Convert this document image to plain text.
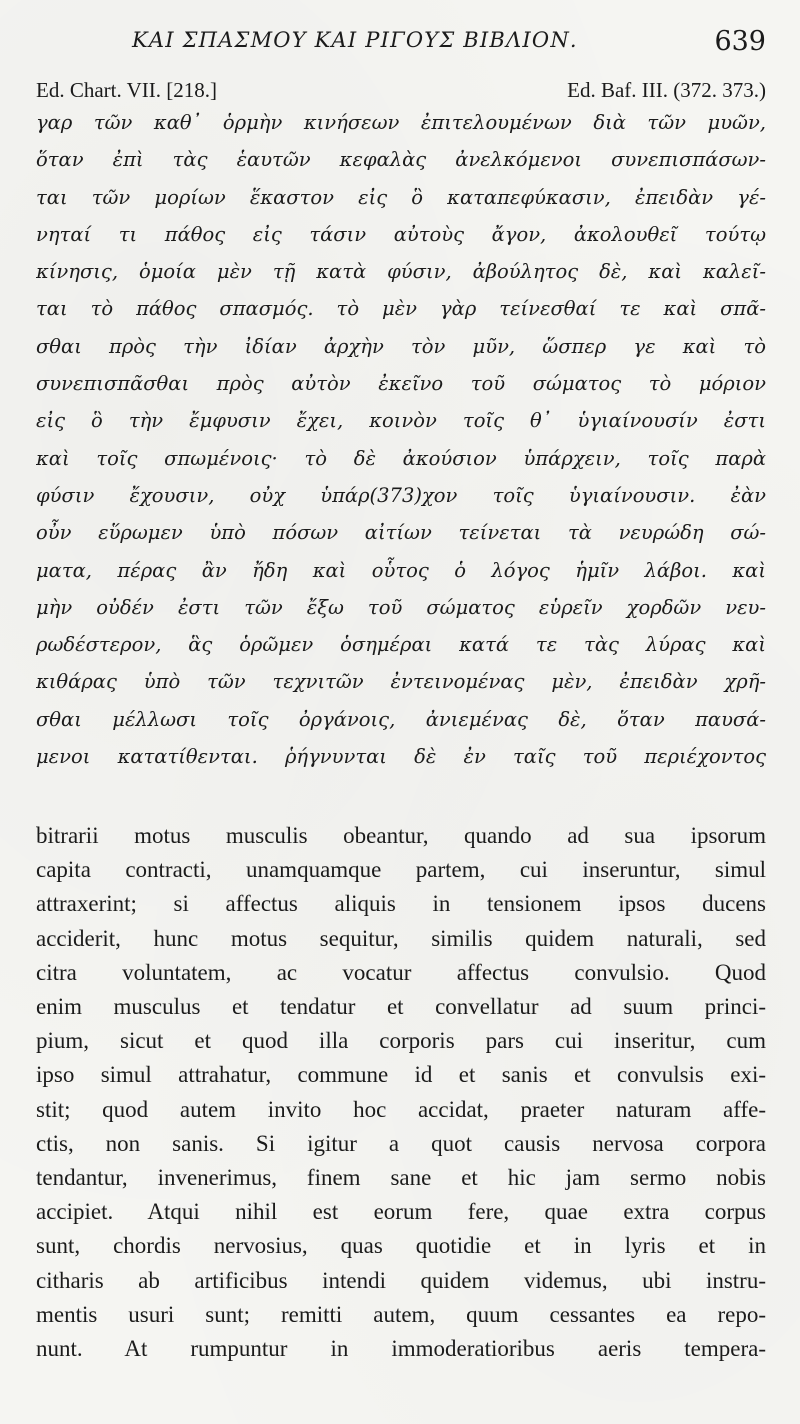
ΚΑΙ ΣΠΑΣΜΟΥ ΚΑΙ ΡΙΓΟΥΣ ΒΙΒΛΙΟΝ.	639
Ed. Chart. VII. [218.]	Ed. Baf. III. (372. 373.)
γαρ τῶν καθ᾽ ὁρμὴν κινήσεων ἐπιτελουμένων διὰ τῶν μυῶν,
ὅταν ἐπὶ τὰς ἑαυτῶν κεφαλὰς ἀνελκόμενοι συνεπισπάσων-
ται τῶν μορίων ἕκαστον εἰς ὃ καταπεφύκασιν, ἐπειδὰν γέ-
νηταί τι πάθος εἰς τάσιν αὐτοὺς ἄγον, ἀκολουθεῖ τούτῳ
κίνησις, ὁμοία μὲν τῇ κατὰ φύσιν, ἀβούλητος δὲ, καὶ καλεῖ-
ται τὸ πάθος σπασμός. τὸ μὲν γὰρ τείνεσθαί τε καὶ σπᾶ-
σθαι πρὸς τὴν ἰδίαν ἀρχὴν τὸν μῦν, ὥσπερ γε καὶ τὸ
συνεπισπᾶσθαι πρὸς αὐτὸν ἐκεῖνο τοῦ σώματος τὸ μόριον
εἰς ὃ τὴν ἔμφυσιν ἔχει, κοινὸν τοῖς θ᾽ ὑγιαίνουσίν ἐστι
καὶ τοῖς σπωμένοις· τὸ δὲ ἀκούσιον ὑπάρχειν, τοῖς παρὰ
φύσιν ἔχουσιν, οὐχ ὑπάρ(373)χον τοῖς ὑγιαίνουσιν. ἐὰν
οὖν εὕρωμεν ὑπὸ πόσων αἰτίων τείνεται τὰ νευρώδη σώ-
ματα, πέρας ἂν ἤδη καὶ οὗτος ὁ λόγος ἡμῖν λάβοι. καὶ
μὴν οὐδέν ἐστι τῶν ἔξω τοῦ σώματος εὑρεῖν χορδῶν νευ-
ρωδέστερον, ἃς ὁρῶμεν ὁσημέραι κατά τε τὰς λύρας καὶ
κιθάρας ὑπὸ τῶν τεχνιτῶν ἐντεινομένας μὲν, ἐπειδὰν χρῆ-
σθαι μέλλωσι τοῖς ὀργάνοις, ἀνιεμένας δὲ, ὅταν παυσά-
μενοι κατατίθενται. ῥήγνυνται δὲ ἐν ταῖς τοῦ περιέχοντος
bitrarii motus musculis obeantur, quando ad sua ipsorum
capita contracti, unamquamque partem, cui inseruntur, simul
attraxerint; si affectus aliquis in tensionem ipsos ducens
acciderit, hunc motus sequitur, similis quidem naturali, sed
citra voluntatem, ac vocatur affectus convulsio. Quod
enim musculus et tendatur et convellatur ad suum princi-
pium, sicut et quod illa corporis pars cui inseritur, cum
ipso simul attrahatur, commune id et sanis et convulsis exi-
stit; quod autem invito hoc accidat, praeter naturam affe-
ctis, non sanis. Si igitur a quot causis nervosa corpora
tendantur, invenerimus, finem sane et hic jam sermo nobis
accipiet. Atqui nihil est eorum fere, quae extra corpus
sunt, chordis nervosius, quas quotidie et in lyris et in
citharis ab artificibus intendi quidem videmus, ubi instru-
mentis usuri sunt; remitti autem, quum cessantes ea repo-
nunt. At rumpuntur in immoderatioribus aeris tempera-
